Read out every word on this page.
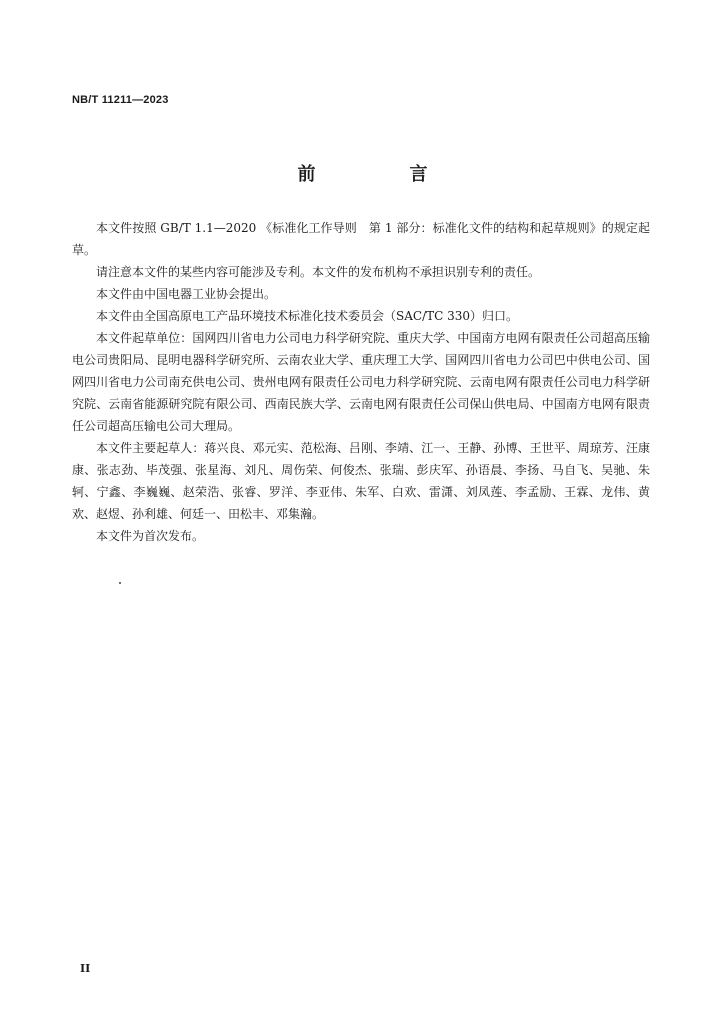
NB/T 11211—2023
前　言

本文件按照 GB/T 1.1—2020 《标准化工作导则　第 1 部分：标准化文件的结构和起草规则》的规定起草。

请注意本文件的某些内容可能涉及专利。本文件的发布机构不承担识别专利的责任。

本文件由中国电器工业协会提出。

本文件由全国高原电工产品环境技术标准化技术委员会（SAC/TC 330）归口。

本文件起草单位：国网四川省电力公司电力科学研究院、重庆大学、中国南方电网有限责任公司超高压输电公司贵阳局、昆明电器科学研究所、云南农业大学、重庆理工大学、国网四川省电力公司巴中供电公司、国网四川省电力公司南充供电公司、贵州电网有限责任公司电力科学研究院、云南电网有限责任公司电力科学研究院、云南省能源研究院有限公司、西南民族大学、云南电网有限责任公司保山供电局、中国南方电网有限责任公司超高压输电公司大理局。

本文件主要起草人：蒋兴良、邓元实、范松海、吕刚、李靖、江一、王静、孙博、王世平、周琼芳、汪康康、张志劲、毕茂强、张星海、刘凡、周伤荣、何俊杰、张瑞、彭庆军、孙语晨、李扬、马自飞、吴驰、朱轲、宁鑫、李巍巍、赵荣浩、张睿、罗洋、李亚伟、朱军、白欢、雷潇、刘凤莲、李孟励、王霖、龙伟、黄欢、赵煜、孙利雄、何廷一、田松丰、邓集瀚。

本文件为首次发布。

II
